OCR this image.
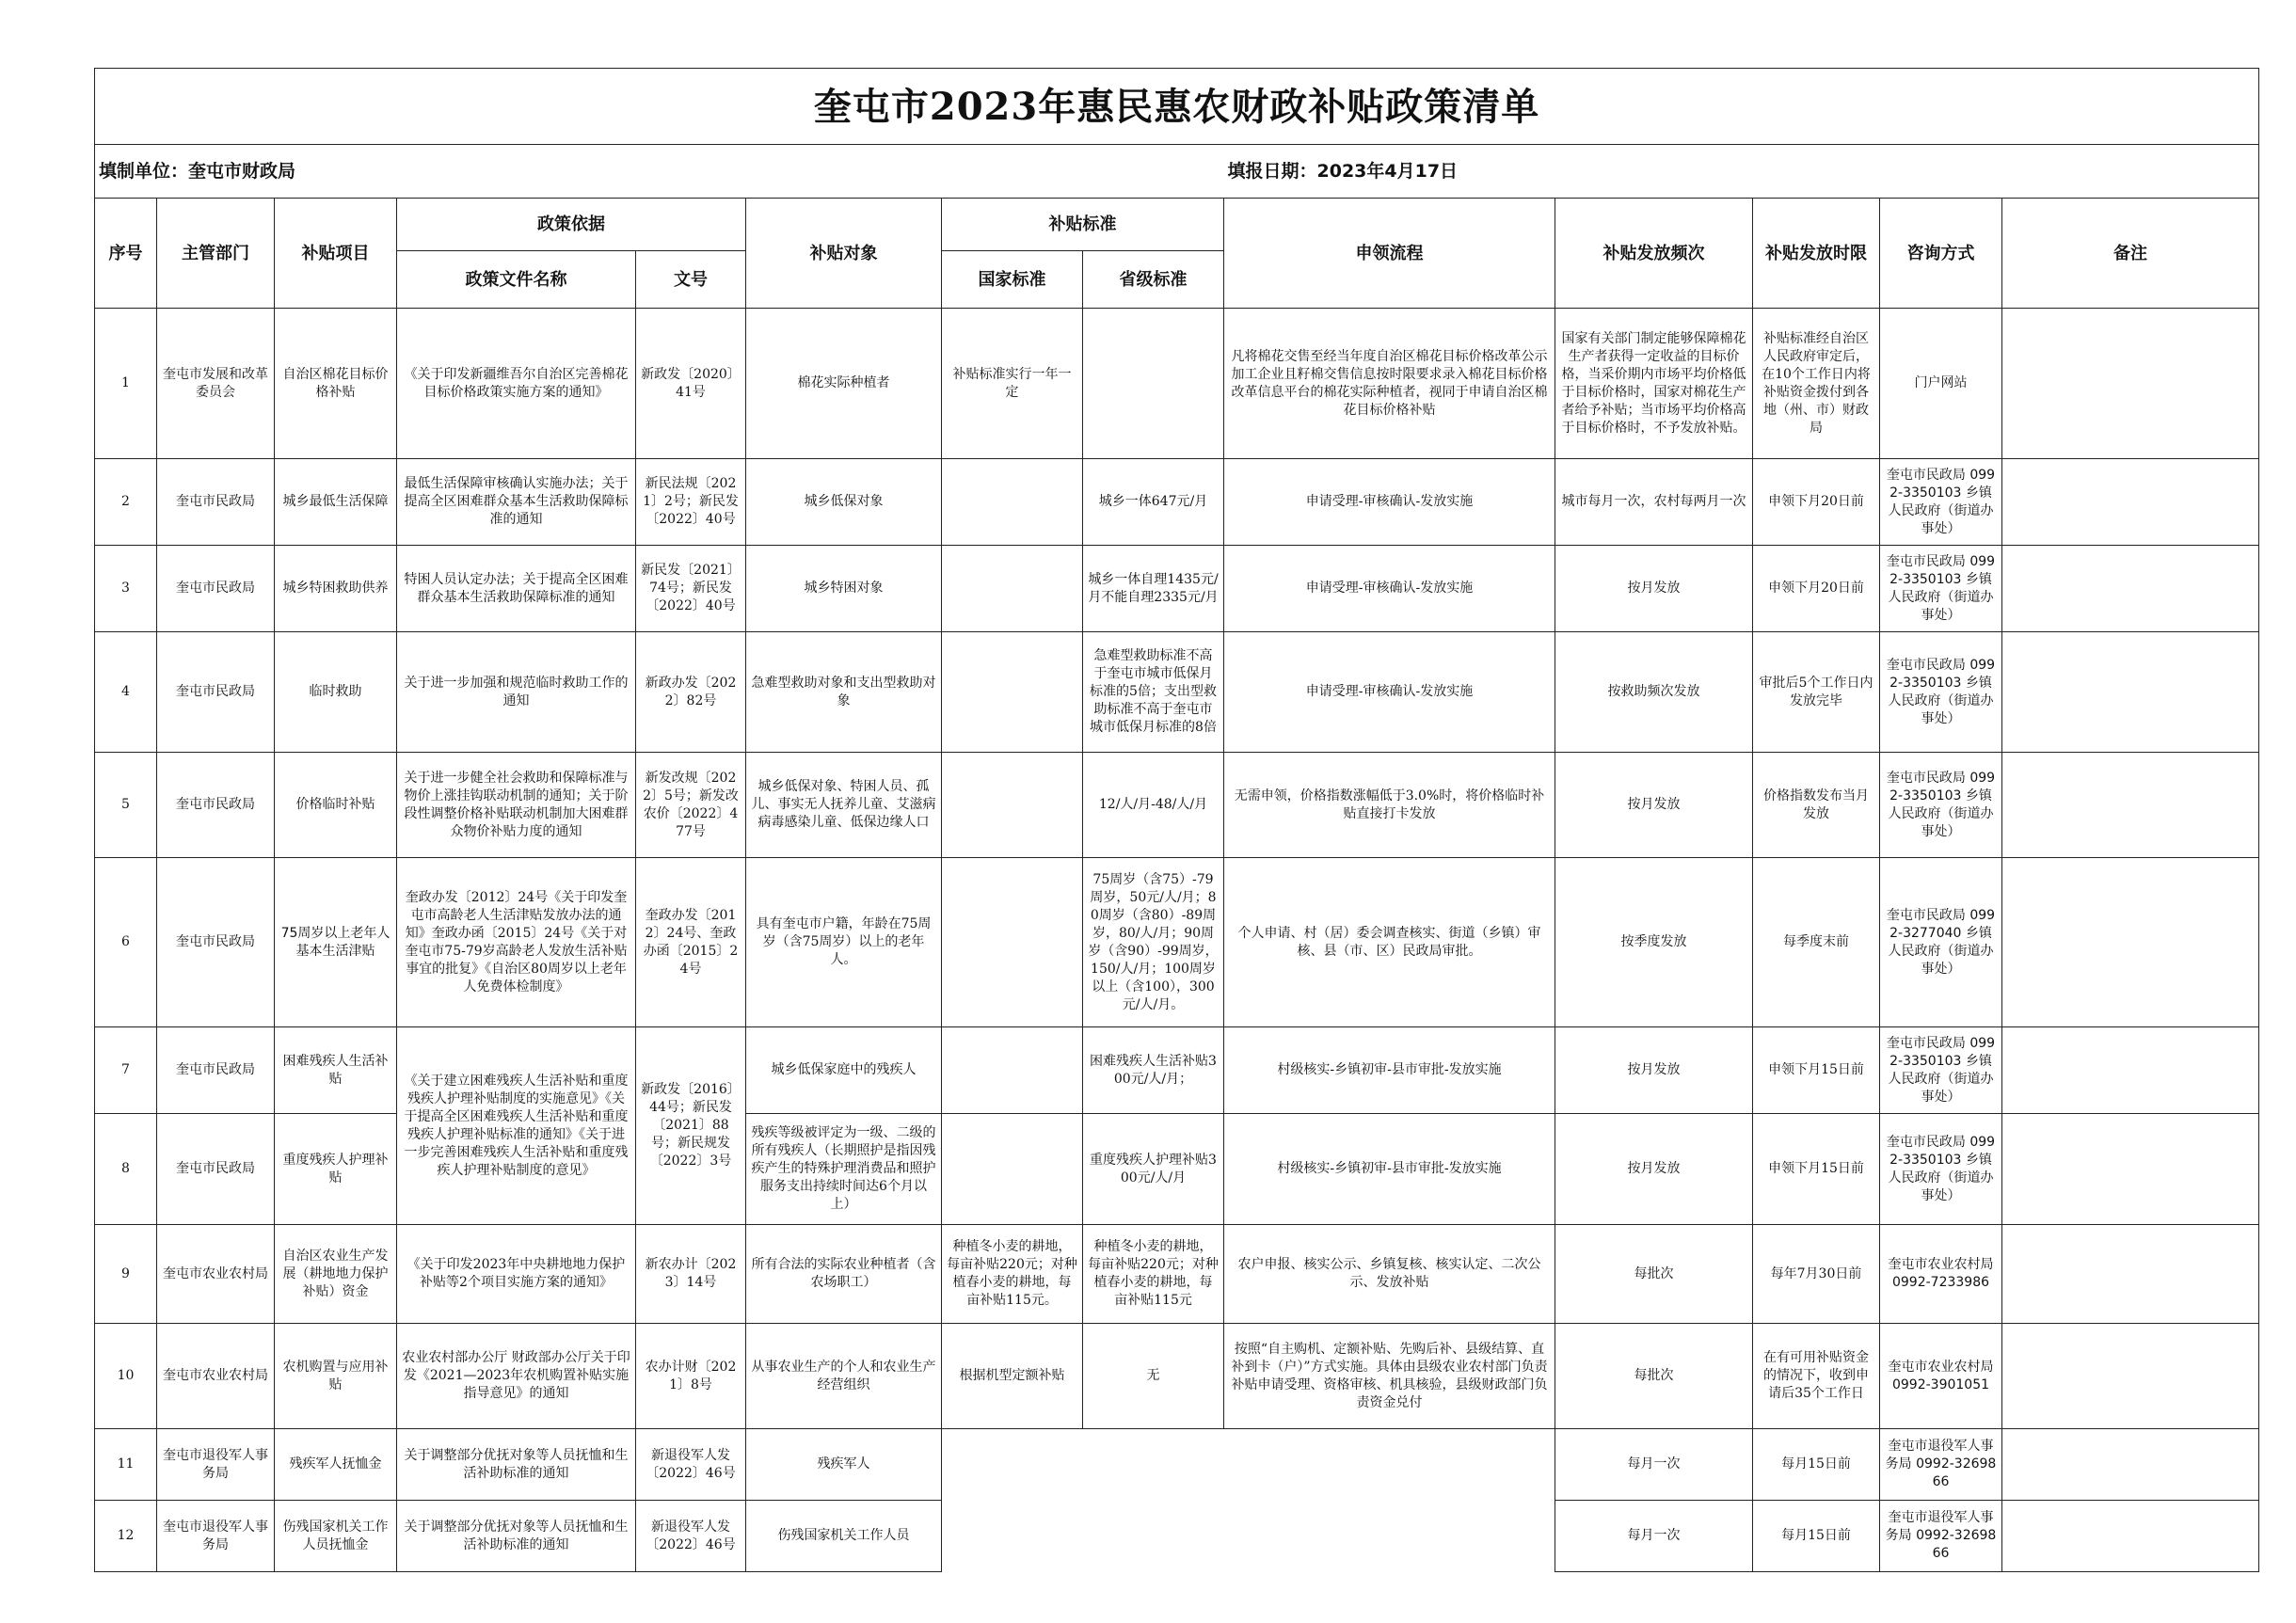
奎屯市2023年惠民惠农财政补贴政策清单												
填制单位：奎屯市财政局								填报日期：2023年4月17日				
序号	主管部门	补贴项目	政策依据		补贴对象	补贴标准		申领流程	补贴发放频次	补贴发放时限	咨询方式	备注
			政策文件名称	文号		国家标准	省级标准					
1	奎屯市发展和改革委员会	自治区棉花目标价格补贴	《关于印发新疆维吾尔自治区完善棉花目标价格政策实施方案的通知》	新政发〔2020〕41号	棉花实际种植者	补贴标准实行一年一定		凡将棉花交售至经当年度自治区棉花目标价格改革公示加工企业且籽棉交售信息按时限要求录入棉花目标价格改革信息平台的棉花实际种植者，视同于申请自治区棉花目标价格补贴	国家有关部门制定能够保障棉花生产者获得一定收益的目标价格，当采价期内市场平均价格低于目标价格时，国家对棉花生产者给予补贴；当市场平均价格高于目标价格时，不予发放补贴。	补贴标准经自治区人民政府审定后，在10个工作日内将补贴资金拨付到各地（州、市）财政局	门户网站	
2	奎屯市民政局	城乡最低生活保障	最低生活保障审核确认实施办法；关于提高全区困难群众基本生活救助保障标准的通知	新民法规〔2021〕2号；新民发〔2022〕40号	城乡低保对象		城乡一体647元/月	申请受理-审核确认-发放实施	城市每月一次，农村每两月一次	申领下月20日前	奎屯市民政局 0992-3350103 乡镇人民政府（街道办事处）	
3	奎屯市民政局	城乡特困救助供养	特困人员认定办法；关于提高全区困难群众基本生活救助保障标准的通知	新民发〔2021〕74号；新民发〔2022〕40号	城乡特困对象		城乡一体自理1435元/月不能自理2335元/月	申请受理-审核确认-发放实施	按月发放	申领下月20日前	奎屯市民政局 0992-3350103 乡镇人民政府（街道办事处）	
4	奎屯市民政局	临时救助	关于进一步加强和规范临时救助工作的通知	新政办发〔2022〕82号	急难型救助对象和支出型救助对象		急难型救助标准不高于奎屯市城市低保月标准的5倍；支出型救助标准不高于奎屯市城市低保月标准的8倍	申请受理-审核确认-发放实施	按救助频次发放	审批后5个工作日内发放完毕	奎屯市民政局 0992-3350103 乡镇人民政府（街道办事处）	
5	奎屯市民政局	价格临时补贴	关于进一步健全社会救助和保障标准与物价上涨挂钩联动机制的通知；关于阶段性调整价格补贴联动机制加大困难群众物价补贴力度的通知	新发改规〔2022〕5号；新发改农价〔2022〕477号	城乡低保对象、特困人员、孤儿、事实无人抚养儿童、艾滋病病毒感染儿童、低保边缘人口		12/人/月-48/人/月	无需申领，价格指数涨幅低于3.0%时，将价格临时补贴直接打卡发放	按月发放	价格指数发布当月发放	奎屯市民政局 0992-3350103 乡镇人民政府（街道办事处）	
6	奎屯市民政局	75周岁以上老年人基本生活津贴	奎政办发〔2012〕24号《关于印发奎屯市高龄老人生活津贴发放办法的通知》奎政办函〔2015〕24号《关于对奎屯市75-79岁高龄老人发放生活补贴事宜的批复》《自治区80周岁以上老年人免费体检制度》	奎政办发〔2012〕24号、奎政办函〔2015〕24号	具有奎屯市户籍，年龄在75周岁（含75周岁）以上的老年人。		75周岁（含75）-79周岁，50元/人/月；80周岁（含80）-89周岁，80/人/月；90周岁（含90）-99周岁，150/人/月；100周岁以上（含100），300元/人/月。	个人申请、村（居）委会调查核实、街道（乡镇）审核、县（市、区）民政局审批。	按季度发放	每季度末前	奎屯市民政局 0992-3277040 乡镇人民政府（街道办事处）	
7	奎屯市民政局	困难残疾人生活补贴	《关于建立困难残疾人生活补贴和重度残疾人护理补贴制度的实施意见》《关于提高全区困难残疾人生活补贴和重度残疾人护理补贴标准的通知》《关于进一步完善困难残疾人生活补贴和重度残疾人护理补贴制度的意见》	新政发〔2016〕44号；新民发〔2021〕88号；新民规发〔2022〕3号	城乡低保家庭中的残疾人		困难残疾人生活补贴300元/人/月；	村级核实-乡镇初审-县市审批-发放实施	按月发放	申领下月15日前	奎屯市民政局 0992-3350103 乡镇人民政府（街道办事处）	
8	奎屯市民政局	重度残疾人护理补贴			残疾等级被评定为一级、二级的所有残疾人（长期照护是指因残疾产生的特殊护理消费品和照护服务支出持续时间达6个月以上）		重度残疾人护理补贴300元/人/月	村级核实-乡镇初审-县市审批-发放实施	按月发放	申领下月15日前	奎屯市民政局 0992-3350103 乡镇人民政府（街道办事处）	
9	奎屯市农业农村局	自治区农业生产发展（耕地地力保护补贴）资金	《关于印发2023年中央耕地地力保护补贴等2个项目实施方案的通知》	新农办计〔2023〕14号	所有合法的实际农业种植者（含农场职工）	种植冬小麦的耕地，每亩补贴220元；对种植春小麦的耕地，每亩补贴115元。	种植冬小麦的耕地，每亩补贴220元；对种植春小麦的耕地，每亩补贴115元	农户申报、核实公示、乡镇复核、核实认定、二次公示、发放补贴	每批次	每年7月30日前	奎屯市农业农村局 0992-7233986	
10	奎屯市农业农村局	农机购置与应用补贴	农业农村部办公厅 财政部办公厅关于印发《2021—2023年农机购置补贴实施指导意见》的通知	农办计财〔2021〕8号	从事农业生产的个人和农业生产经营组织	根据机型定额补贴	无	按照“自主购机、定额补贴、先购后补、县级结算、直补到卡（户）”方式实施。具体由县级农业农村部门负责补贴申请受理、资格审核、机具核验，县级财政部门负责资金兑付	每批次	在有可用补贴资金的情况下，收到申请后35个工作日	奎屯市农业农村局 0992-3901051	
11	奎屯市退役军人事务局	残疾军人抚恤金	关于调整部分优抚对象等人员抚恤和生活补助标准的通知	新退役军人发〔2022〕46号	残疾军人				每月一次	每月15日前	奎屯市退役军人事务局 0992-3269866	
12	奎屯市退役军人事务局	伤残国家机关工作人员抚恤金	关于调整部分优抚对象等人员抚恤和生活补助标准的通知	新退役军人发〔2022〕46号	伤残国家机关工作人员				每月一次	每月15日前	奎屯市退役军人事务局 0992-3269866	
